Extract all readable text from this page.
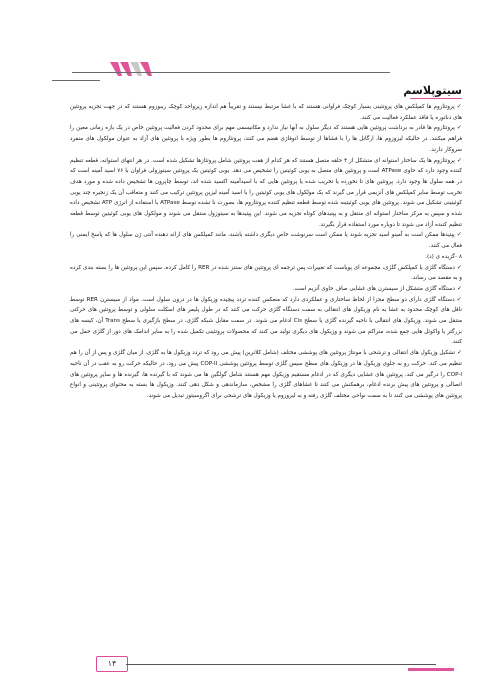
سیتوپلاسم

✓پروتئازوم ها کمپلکس های پروتئینی بسیار کوچک فراوانی هستند که با غشا مرتبط نیستند و تقریباً هم اندازه زیرواحد کوچک ریبوزوم هستند که در جهت تجزیه پروتئین های دناتوره یا فاقد عملکرد فعالیت می کنند.

✓پروتئازوم ها قادر به برداشت پروتئین هایی هستند که دیگر سلول به آنها نیاز ندارد و مکانیسمی مهم برای محدود کردن فعالیت پروتئین خاص در یک بازه زمانی معین را فراهم میکنند. در حالیکه لیزوزوم ها، ارگانل ها را با فشاها از توسط اتوفاژی هضم می کنند، پروتئازوم ها بطور ویژه با پروتئین های آزاد به عنوان مولکول های منفرد سروکار دارند.

✓پروتئازوم ها یک ساختار استوانه ای متشکل از ۴ حلقه متصل هستند که هر کدام از هفت پروتئین شامل پروتئازها تشکیل شده است. در هر انتهای استوانه، قطعه تنظیم کننده وجود دارد که حاوی ATPase است و پروتئین های متصل به یوبی کوئیتین را تشخیص می دهد. یوبی کوئیتین یک پروتئین سیتوزولی فراوان با ۷۶ اسید آمینه است که در همه سلول ها وجود دارد. پروتئین های تا نخورده یا تخریب شده یا پروتئین هایی که با اسیدآمینه اکسید شده اند، توسط چاپرون ها تشخیص داده شده و مورد هدف تخریب توسط سایر کمپلکس های آنزیمی قرار می گیرند که یک مولکول های یوبی کوئیتین را با اسید آمینه لیزین پروتئین ترکیب می کنند و متعاقب آن یک زنجیره چند یوبی کوئیتینی تشکیل می شوند. پروتئین های یوبی کوئیتینه شده توسط قطعه تنظیم کننده پروتئازوم ها، بصورت نا تشده توسط ATPase با استفاده از انرژی ATP تشخیص داده شده و سپس به مرکز ساختار استوانه ای منتقل و به پپتیدهای کوتاه تجزیه می شوند. این پپتیدها به سیتوزول منتقل می شوند و مولکول های یوبی کوئیتین توسط قطعه تنظیم کننده آزاد می شوند تا دوباره مورد استفاده قرار بگیرند.

✓پپتیدها ممکن است به آمینو اسید تجزیه شوند یا ممکن است سرنوشت خاص دیگری داشته باشند، مانند کمپلکس های ارائه دهنده آنتی ژن سلول ها که پاسخ ایمنی را فعال می کنند.

۸-گزیده ی (د).

✓دستگاه گلژی یا کمپلکس گلژی، مجموعه ای پویاست که تغییرات پس ترجمه ای پروتئین های سنتز شده در RER را کامل کرده، سپس این پروتئین ها را بسته بندی کرده و به مقصد می رساند.

✓دستگاه گلژی متشکل از سیسترن های غشایی صاف حاوی آنزیم است.

✓دستگاه گلژی دارای دو سطح مجزا از لحاظ ساختاری و عملکردی دارد که منعکس کننده تردد پیچیده وزیکول ها در درون سلول است. مواد از سیسترن RER توسط ناقل های کوچک محدود به غشا به نام وزیکول های انتقالی به سمت دستگاه گلژی حرکت می کنند که در طول پلیمر های اسکلت سلولی و توسط پروتئین های حرکتی منتقل می شوند. وزیکول های انتقالی با ناحیه گیرنده گلژی یا سطح Cis ادغام می شوند. در سمت مقابل شبکه گلژی، در سطح بازگیری یا سطح Trans آن، کیسه های بزرگتر یا واکوئل هایی جمع شده، متراکم می شوند و وزیکول های دیگری تولید می کنند که محصولات پروتئینی تکمیل شده را به سایر اندامک های دور از گلژی حمل می کنند.

✓تشکیل وزیکول های انتقالی و ترشحی با مونتاژ پروتئین های پوششی مختلف (شامل کلاترین) پیش می رود که تردد وزیکول ها به گلژی، از میان گلژی و پس از آن را هم تنظیم می کند. حرکت رو به جلوی وزیکول ها در وزیکول های سطح سیس گلژی توسط پروتئین پوششی COP-II پیش می رود، در حالیکه حرکت رو به عقب در آن ناحیه COP-I را درگیر می کند. پروتئین های غشایی دیگری که در ادغام مستقیم وزیکول مهم هستند شامل گولگین ها می شوند که با گیرنده ها، گیرنده ها و سایر پروتئین های اتصالی و پروتئین های پیش برنده ادغام، برهمکنش می کنند تا غشاهای گلژی را مشخص، سازماندهی و شکل دهی کنند. وزیکول ها بسته به محتوای پروتئینی و انواع پروتئین های پوششی می کنند تا به سمت نواحی مختلف گلژی رفته و به لیزوزوم یا وزیکول های ترشحی برای اگزوسیتوز تبدیل می شوند.

۱۴
